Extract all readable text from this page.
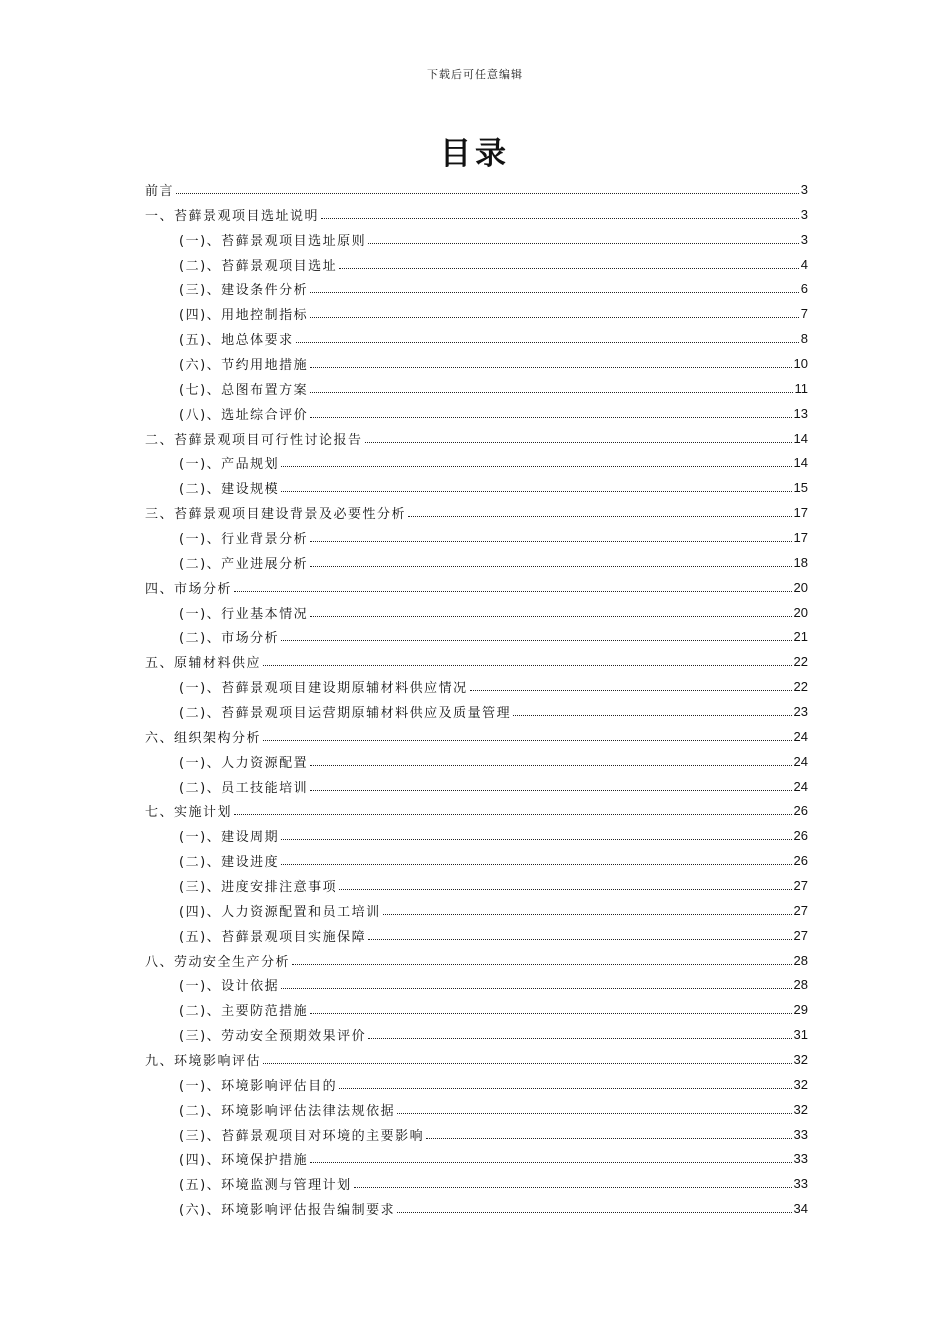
下载后可任意编辑
目录
前言	3
一、苔藓景观项目选址说明	3
(一)、苔藓景观项目选址原则	3
(二)、苔藓景观项目选址	4
(三)、建设条件分析	6
(四)、用地控制指标	7
(五)、地总体要求	8
(六)、节约用地措施	10
(七)、总图布置方案	11
(八)、选址综合评价	13
二、苔藓景观项目可行性讨论报告	14
(一)、产品规划	14
(二)、建设规模	15
三、苔藓景观项目建设背景及必要性分析	17
(一)、行业背景分析	17
(二)、产业进展分析	18
四、市场分析	20
(一)、行业基本情况	20
(二)、市场分析	21
五、原辅材料供应	22
(一)、苔藓景观项目建设期原辅材料供应情况	22
(二)、苔藓景观项目运营期原辅材料供应及质量管理	23
六、组织架构分析	24
(一)、人力资源配置	24
(二)、员工技能培训	24
七、实施计划	26
(一)、建设周期	26
(二)、建设进度	26
(三)、进度安排注意事项	27
(四)、人力资源配置和员工培训	27
(五)、苔藓景观项目实施保障	27
八、劳动安全生产分析	28
(一)、设计依据	28
(二)、主要防范措施	29
(三)、劳动安全预期效果评价	31
九、环境影响评估	32
(一)、环境影响评估目的	32
(二)、环境影响评估法律法规依据	32
(三)、苔藓景观项目对环境的主要影响	33
(四)、环境保护措施	33
(五)、环境监测与管理计划	33
(六)、环境影响评估报告编制要求	34
